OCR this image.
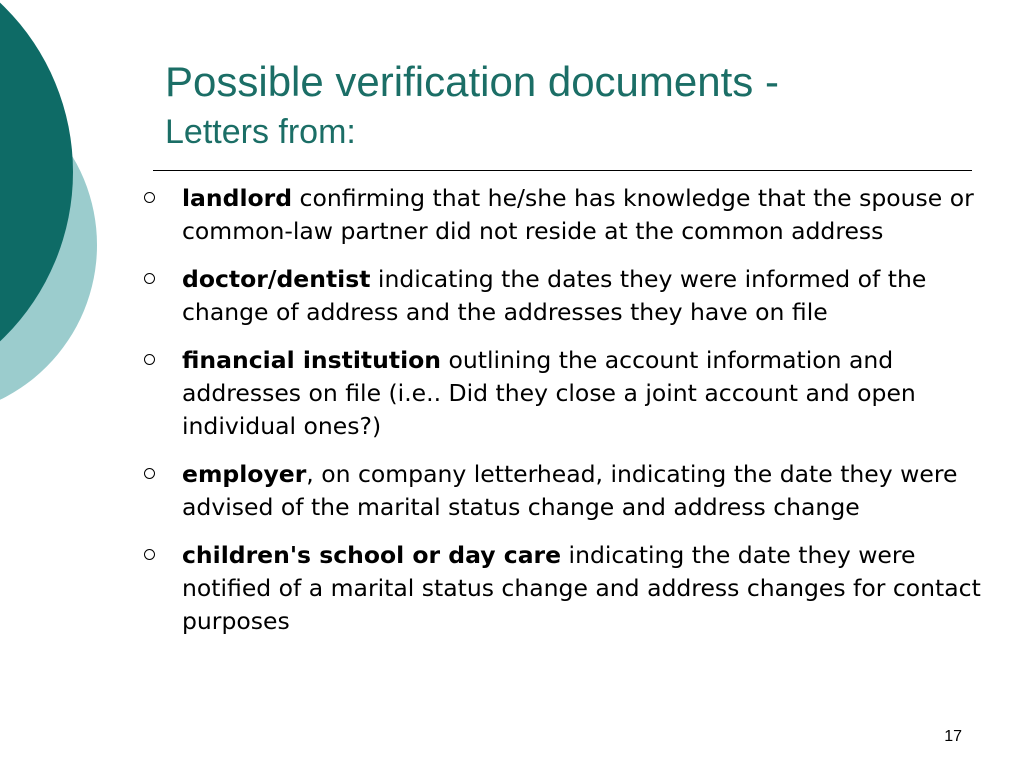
Possible verification documents -
Letters from:
landlord confirming that he/she has knowledge that the spouse or common-law partner did not reside at the common address
doctor/dentist indicating the dates they were informed of the change of address and the addresses they have on file
financial institution outlining the account information and addresses on file (i.e.. Did they close a joint account and open individual ones?)
employer, on company letterhead, indicating the date they were advised of the marital status change and address change
children's school or day care indicating the date they were notified of a marital status change and address changes for contact purposes
17
